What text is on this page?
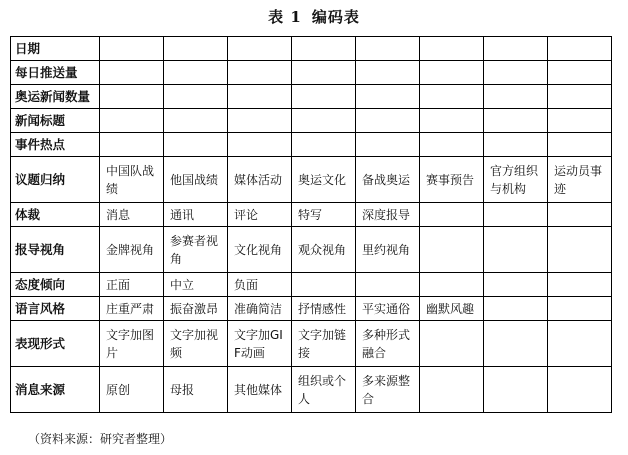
表 1 编码表
日期								
每日推送量								
奥运新闻数量								
新闻标题								
事件热点								
议题归纳	中国队战绩	他国战绩	媒体活动	奥运文化	备战奥运	赛事预告	官方组织与机构	运动员事迹
体裁	消息	通讯	评论	特写	深度报导			
报导视角	金牌视角	参赛者视角	文化视角	观众视角	里约视角			
态度倾向	正面	中立	负面					
语言风格	庄重严肃	振奋激昂	准确简洁	抒情感性	平实通俗	幽默风趣		
表现形式	文字加图片	文字加视频	文字加GIF动画	文字加链接	多种形式融合			
消息来源	原创	母报	其他媒体	组织或个人	多来源整合			
（资料来源：研究者整理）
